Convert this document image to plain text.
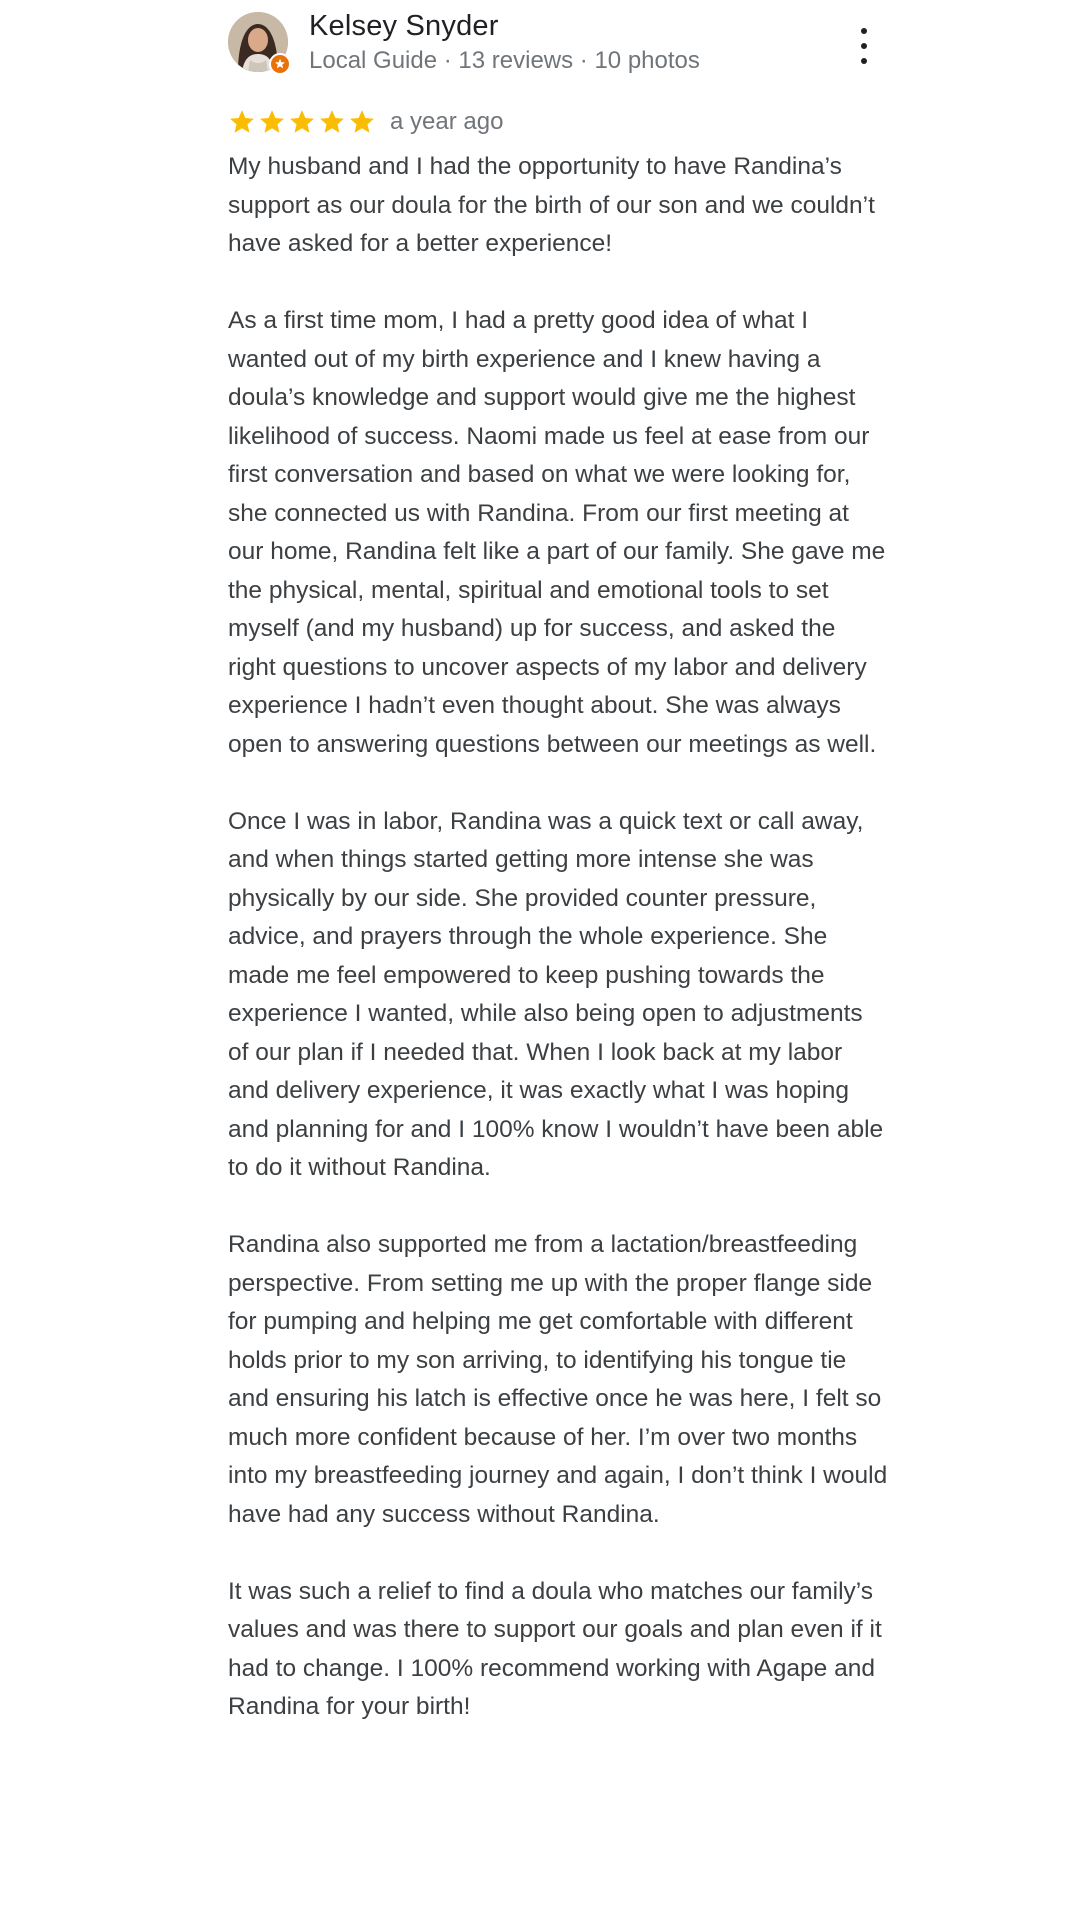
Kelsey Snyder
Local Guide · 13 reviews · 10 photos
a year ago

My husband and I had the opportunity to have Randina’s support as our doula for the birth of our son and we couldn’t have asked for a better experience!

As a first time mom, I had a pretty good idea of what I wanted out of my birth experience and I knew having a doula’s knowledge and support would give me the highest likelihood of success. Naomi made us feel at ease from our first conversation and based on what we were looking for, she connected us with Randina. From our first meeting at our home, Randina felt like a part of our family. She gave me the physical, mental, spiritual and emotional tools to set myself (and my husband) up for success, and asked the right questions to uncover aspects of my labor and delivery experience I hadn’t even thought about. She was always open to answering questions between our meetings as well.

Once I was in labor, Randina was a quick text or call away, and when things started getting more intense she was physically by our side. She provided counter pressure, advice, and prayers through the whole experience. She made me feel empowered to keep pushing towards the experience I wanted, while also being open to adjustments of our plan if I needed that. When I look back at my labor and delivery experience, it was exactly what I was hoping and planning for and I 100% know I wouldn’t have been able to do it without Randina.

Randina also supported me from a lactation/breastfeeding perspective. From setting me up with the proper flange side for pumping and helping me get comfortable with different holds prior to my son arriving, to identifying his tongue tie and ensuring his latch is effective once he was here, I felt so much more confident because of her. I’m over two months into my breastfeeding journey and again, I don’t think I would have had any success without Randina.

It was such a relief to find a doula who matches our family’s values and was there to support our goals and plan even if it had to change. I 100% recommend working with Agape and Randina for your birth!
